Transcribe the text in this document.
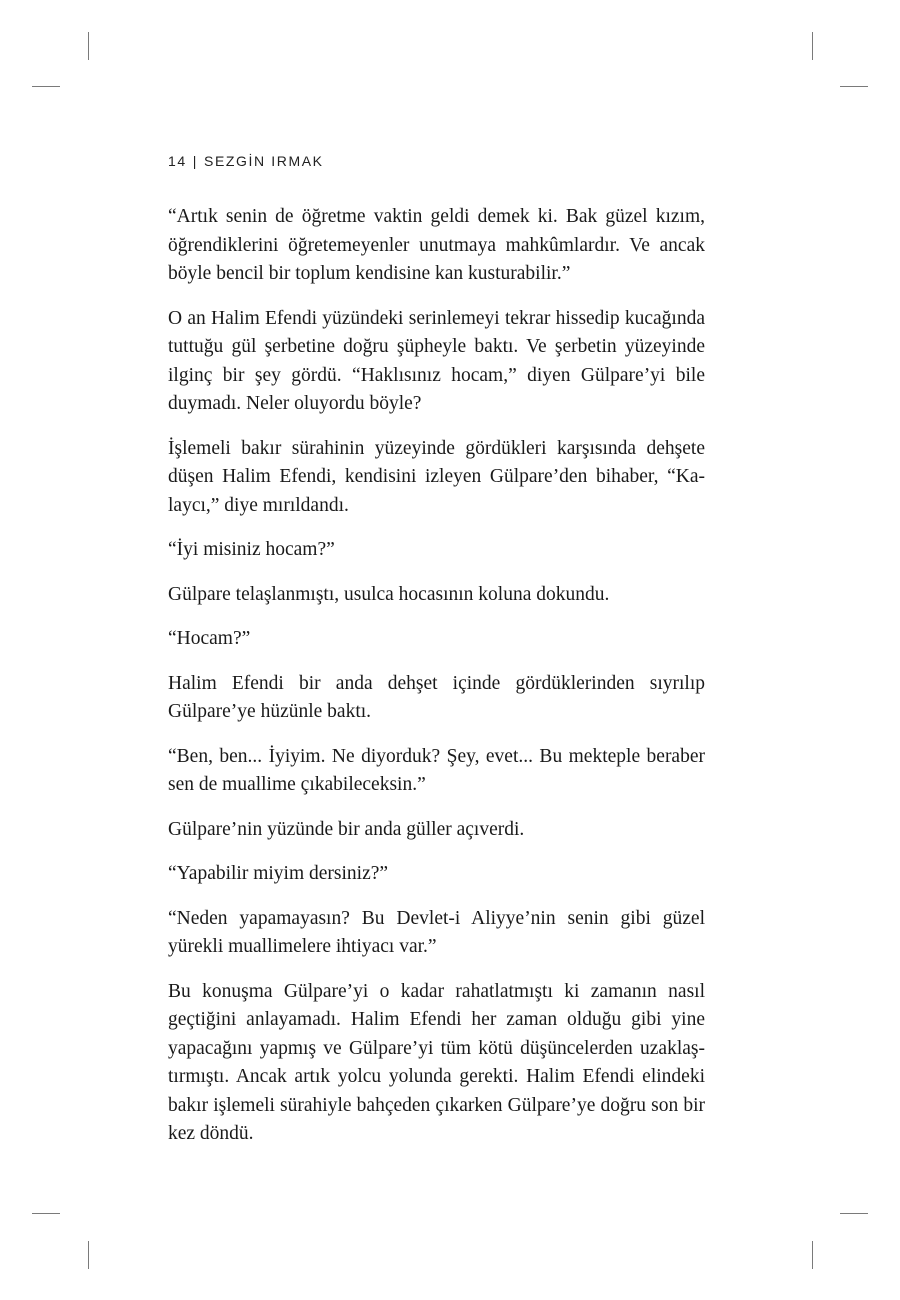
14 | SEZGİN IRMAK

“Artık senin de öğretme vaktin geldi demek ki. Bak güzel kızım, öğrendiklerini öğretemeyenler unutmaya mahkûmlardır. Ve ancak böyle bencil bir toplum kendisine kan kusturabilir.”

O an Halim Efendi yüzündeki serinlemeyi tekrar hissedip kucağında tuttuğu gül şerbetine doğru şüpheyle baktı. Ve şerbetin yüzeyinde ilginç bir şey gördü. “Haklısınız hocam,” diyen Gülpare’yi bile duymadı. Neler oluyordu böyle?

İşlemeli bakır sürahinin yüzeyinde gördükleri karşısında dehşete düşen Halim Efendi, kendisini izleyen Gülpare’den bihaber, “Kalaycı,” diye mırıldandı.

“İyi misiniz hocam?”

Gülpare telaşlanmıştı, usulca hocasının koluna dokundu.

“Hocam?”

Halim Efendi bir anda dehşet içinde gördüklerinden sıyrılıp Gülpare’ye hüzünle baktı.

“Ben, ben... İyiyim. Ne diyorduk? Şey, evet... Bu mekteple beraber sen de muallime çıkabileceksin.”

Gülpare’nin yüzünde bir anda güller açıverdi.

“Yapabilir miyim dersiniz?”

“Neden yapamayasın? Bu Devlet-i Aliyye’nin senin gibi güzel yürekli muallimelere ihtiyacı var.”

Bu konuşma Gülpare’yi o kadar rahatlatmıştı ki zamanın nasıl geçtiğini anlayamadı. Halim Efendi her zaman olduğu gibi yine yapacağını yapmış ve Gülpare’yi tüm kötü düşüncelerden uzaklaştırmıştı. Ancak artık yolcu yolunda gerekti. Halim Efendi elindeki bakır işlemeli sürahiyle bahçeden çıkarken Gülpare’ye doğru son bir kez döndü.
